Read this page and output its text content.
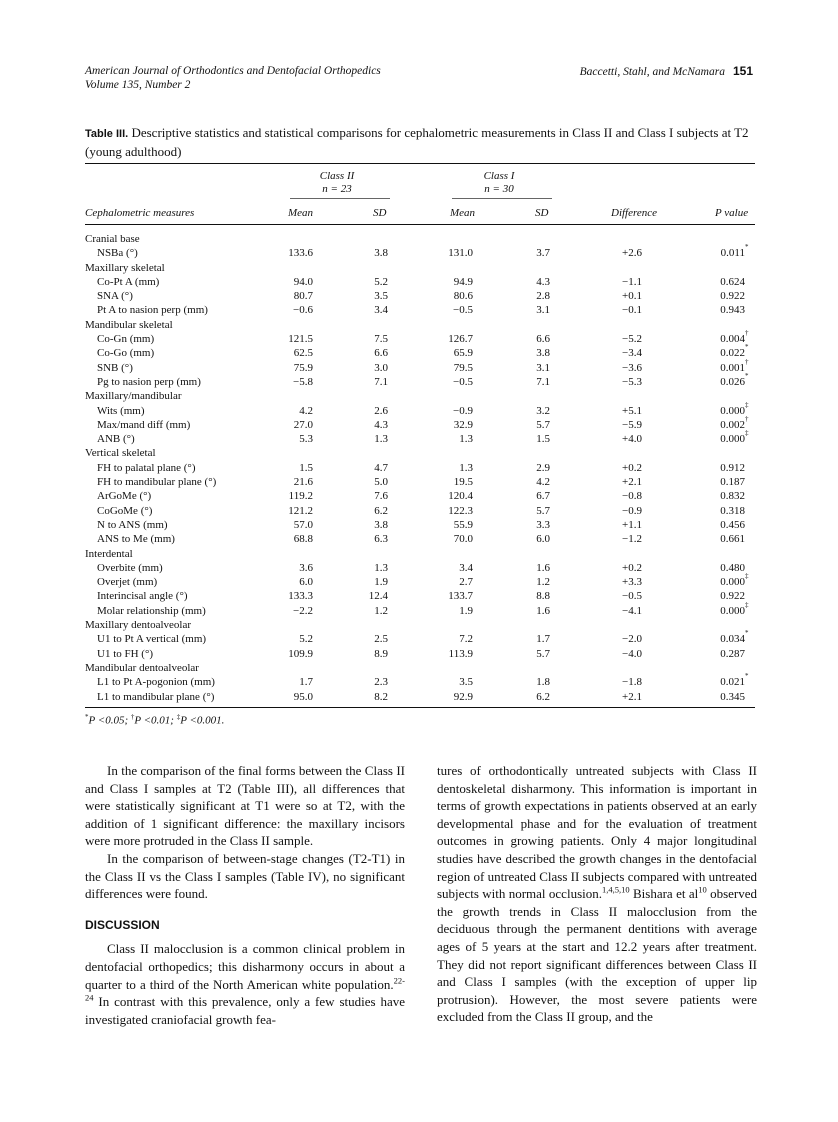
American Journal of Orthodontics and Dentofacial Orthopedics
Volume 135, Number 2
Baccetti, Stahl, and McNamara 151
Table III. Descriptive statistics and statistical comparisons for cephalometric measurements in Class II and Class I subjects at T2 (young adulthood)
Class II
n = 23
Class I
n = 30
Cephalometric measures	Mean	SD	Mean	SD	Difference	P value
Cranial base
NSBa (°)	133.6	3.8	131.0	3.7	+2.6	0.011 *
Maxillary skeletal
Co-Pt A (mm)	94.0	5.2	94.9	4.3	−1.1	0.624
SNA (°)	80.7	3.5	80.6	2.8	+0.1	0.922
Pt A to nasion perp (mm)	−0.6	3.4	−0.5	3.1	−0.1	0.943
Mandibular skeletal
Co-Gn (mm)	121.5	7.5	126.7	6.6	−5.2	0.004 †
Co-Go (mm)	62.5	6.6	65.9	3.8	−3.4	0.022 *
SNB (°)	75.9	3.0	79.5	3.1	−3.6	0.001 †
Pg to nasion perp (mm)	−5.8	7.1	−0.5	7.1	−5.3	0.026 *
Maxillary/mandibular
Wits (mm)	4.2	2.6	−0.9	3.2	+5.1	0.000 ‡
Max/mand diff (mm)	27.0	4.3	32.9	5.7	−5.9	0.002 †
ANB (°)	5.3	1.3	1.3	1.5	+4.0	0.000 ‡
Vertical skeletal
FH to palatal plane (°)	1.5	4.7	1.3	2.9	+0.2	0.912
FH to mandibular plane (°)	21.6	5.0	19.5	4.2	+2.1	0.187
ArGoMe (°)	119.2	7.6	120.4	6.7	−0.8	0.832
CoGoMe (°)	121.2	6.2	122.3	5.7	−0.9	0.318
N to ANS (mm)	57.0	3.8	55.9	3.3	+1.1	0.456
ANS to Me (mm)	68.8	6.3	70.0	6.0	−1.2	0.661
Interdental
Overbite (mm)	3.6	1.3	3.4	1.6	+0.2	0.480
Overjet (mm)	6.0	1.9	2.7	1.2	+3.3	0.000 ‡
Interincisal angle (°)	133.3	12.4	133.7	8.8	−0.5	0.922
Molar relationship (mm)	−2.2	1.2	1.9	1.6	−4.1	0.000 ‡
Maxillary dentoalveolar
U1 to Pt A vertical (mm)	5.2	2.5	7.2	1.7	−2.0	0.034 *
U1 to FH (°)	109.9	8.9	113.9	5.7	−4.0	0.287
Mandibular dentoalveolar
L1 to Pt A-pogonion (mm)	1.7	2.3	3.5	1.8	−1.8	0.021 *
L1 to mandibular plane (°)	95.0	8.2	92.9	6.2	+2.1	0.345
*P <0.05; †P <0.01; ‡P <0.001.

In the comparison of the final forms between the Class II and Class I samples at T2 (Table III), all differences that were statistically significant at T1 were so at T2, with the addition of 1 significant difference: the maxillary incisors were more protruded in the Class II sample.

In the comparison of between-stage changes (T2-T1) in the Class II vs the Class I samples (Table IV), no significant differences were found.

DISCUSSION

Class II malocclusion is a common clinical problem in dentofacial orthopedics; this disharmony occurs in about a quarter to a third of the North American white population.$^{22-24}$ In contrast with this prevalence, only a few studies have investigated craniofacial growth fea-

tures of orthodontically untreated subjects with Class II dentoskeletal disharmony. This information is important in terms of growth expectations in patients observed at an early developmental phase and for the evaluation of treatment outcomes in growing patients. Only 4 major longitudinal studies have described the growth changes in the dentofacial region of untreated Class II subjects compared with untreated subjects with normal occlusion.$^{1,4,5,10}$ Bishara et $al^{10}$ observed the growth trends in Class II malocclusion from the deciduous through the permanent dentitions with average ages of 5 years at the start and 12.2 years after treatment. They did not report significant differences between Class II and Class I samples (with the exception of upper lip protrusion). However, the most severe patients were excluded from the Class II group, and the
